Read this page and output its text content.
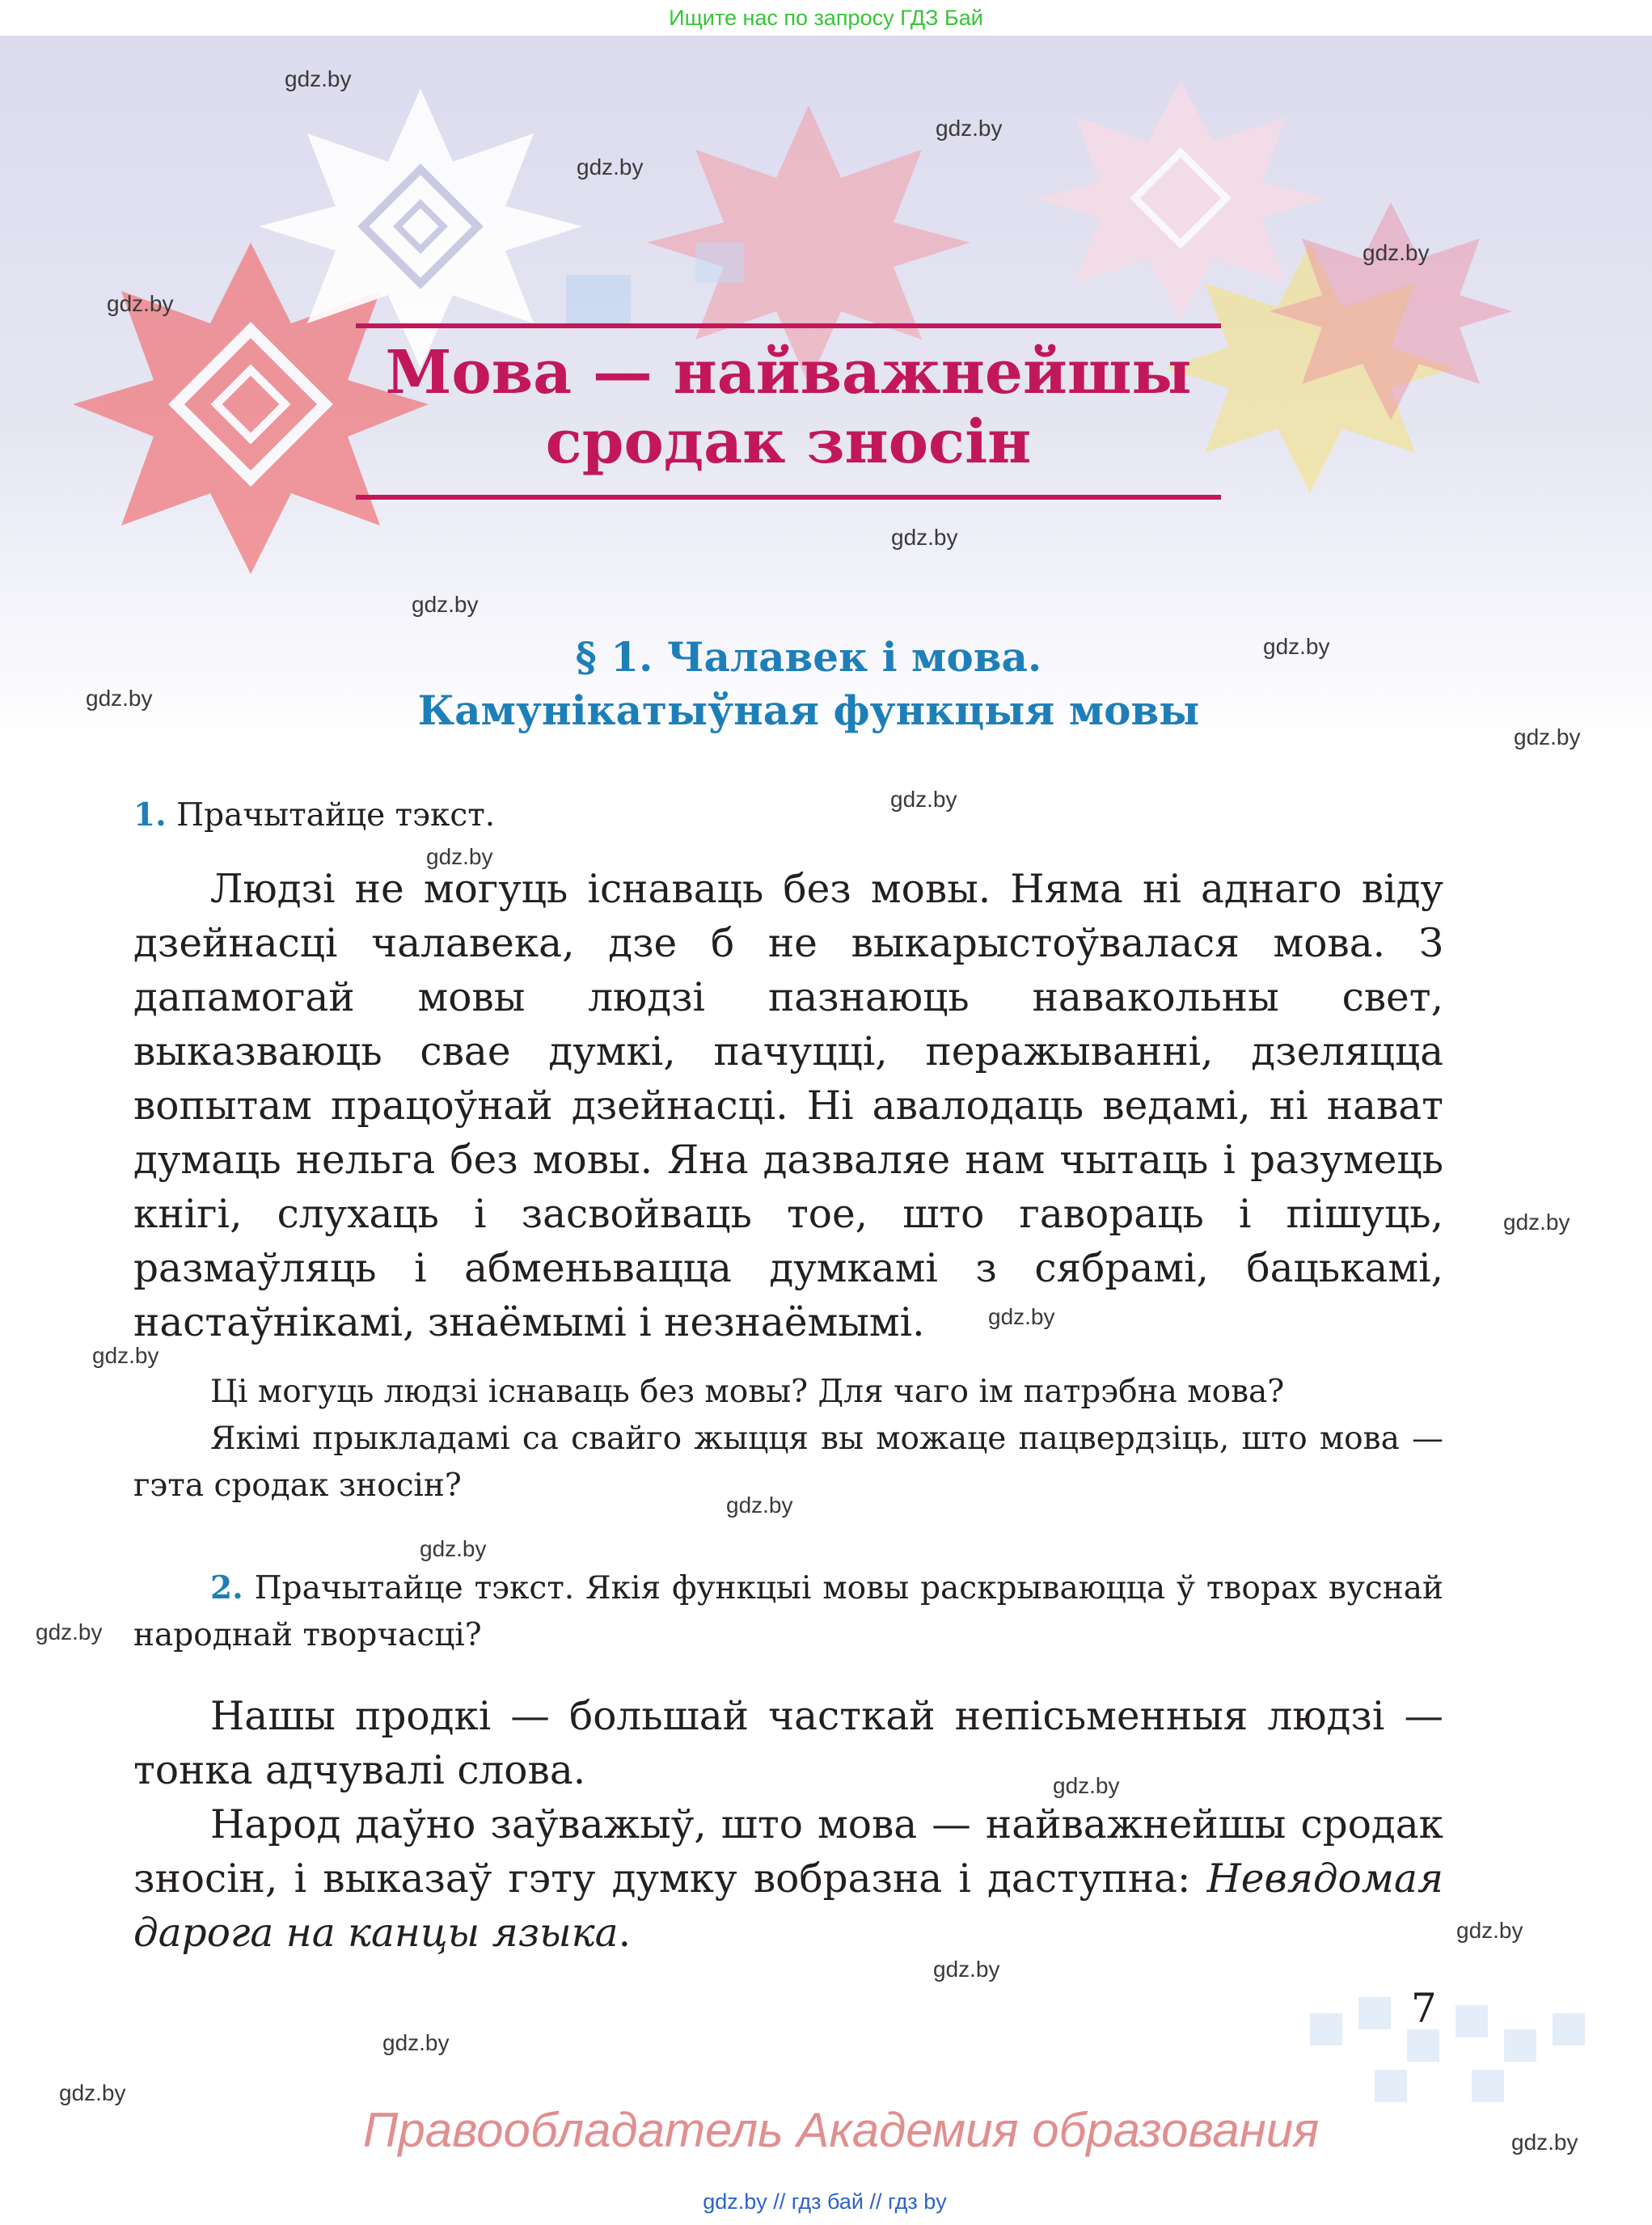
Ищите нас по запросу ГДЗ Бай
Мова — найважнейшы
сродак зносін
§ 1. Чалавек і мова.
Камунікатыўная функцыя мовы
1. Прачытайце тэкст.

Людзі не могуць існаваць без мовы. Няма ні аднаго віду дзейнасці чалавека, дзе б не выкарыстоўвалася мова. З дапамогай мовы людзі пазнаюць навакольны свет, выказваюць свае думкі, пачуцці, перажыванні, дзеляцца вопытам працоўнай дзейнасці. Ні авалодаць ведамі, ні нават думаць нельга без мовы. Яна дазваляе нам чытаць і разумець кнігі, слухаць і засвойваць тое, што гавораць і пішуць, размаўляць і абменьвацца думкамі з сябрамі, бацькамі, настаўнікамі, знаёмымі і незнаёмымі.

Ці могуць людзі існаваць без мовы? Для чаго ім патрэбна мова?

Якімі прыкладамі са свайго жыцця вы можаце пацвердзіць, што мова — гэта сродак зносін?

2. Прачытайце тэкст. Якія функцыі мовы раскрываюцца ў творах вуснай народнай творчасці?

Нашы продкі — большай часткай непісьменныя людзі — тонка адчувалі слова.

Народ даўно заўважыў, што мова — найважнейшы сродак зносін, і выказаў гэту думку вобразна і даступна: Невядомая дарога на канцы языка.

7
Правообладатель Академия образования
gdz.by // гдз бай // гдз by
gdz.by
gdz.by
gdz.by
gdz.by
gdz.by
gdz.by
gdz.by
gdz.by
gdz.by
gdz.by
gdz.by
gdz.by
gdz.by
gdz.by
gdz.by
gdz.by
gdz.by
gdz.by
gdz.by
gdz.by
gdz.by
gdz.by
gdz.by
gdz.by
